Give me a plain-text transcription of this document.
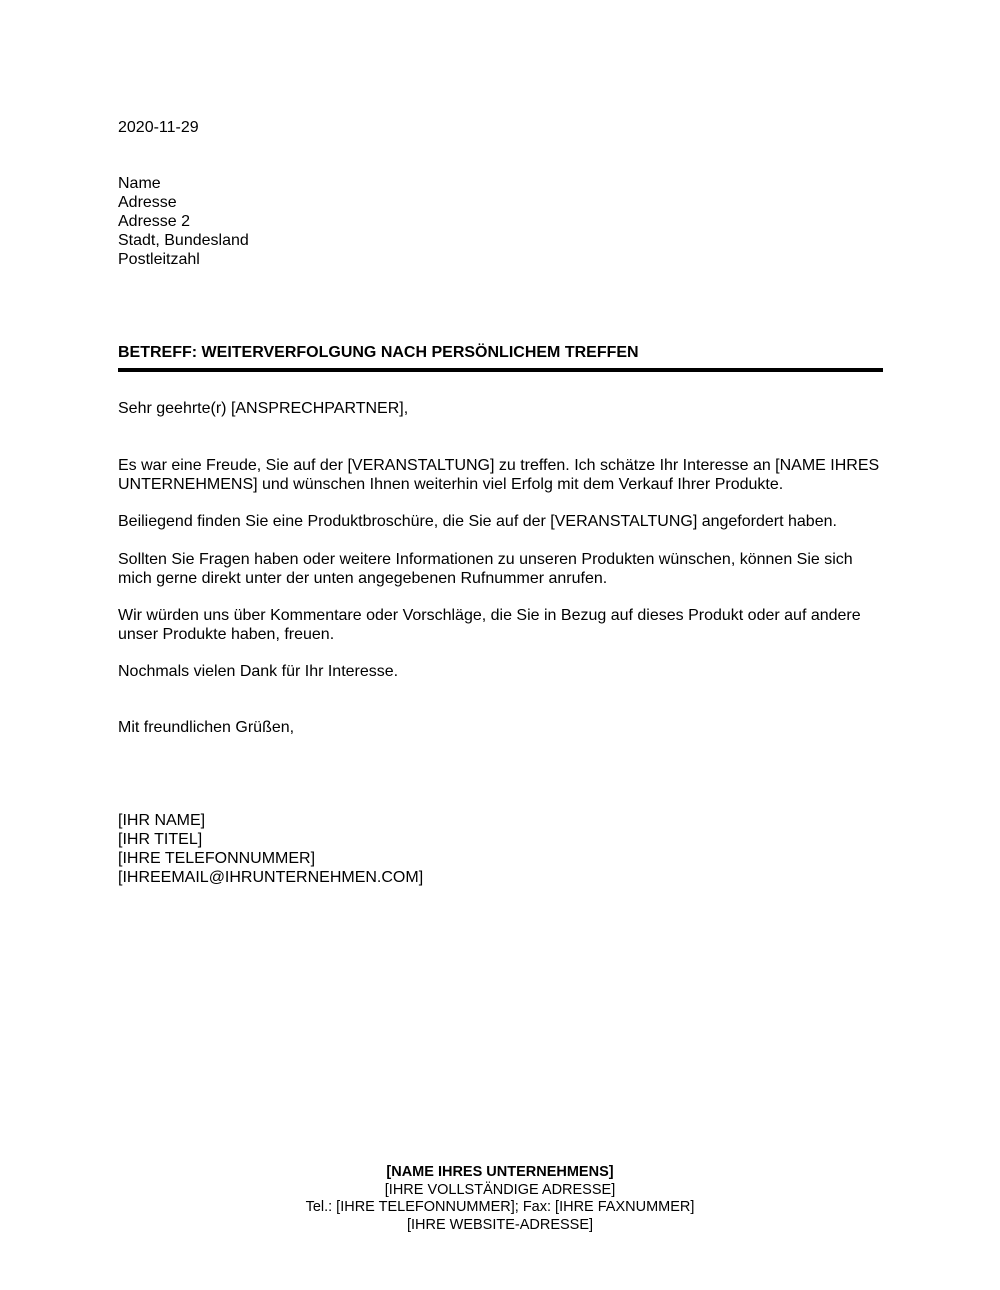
2020-11-29
Name
Adresse
Adresse 2
Stadt, Bundesland
Postleitzahl
BETREFF: WEITERVERFOLGUNG NACH PERSÖNLICHEM TREFFEN
Sehr geehrte(r) [ANSPRECHPARTNER],
Es war eine Freude, Sie auf der [VERANSTALTUNG] zu treffen. Ich schätze Ihr Interesse an [NAME IHRES UNTERNEHMENS] und wünschen Ihnen weiterhin viel Erfolg mit dem Verkauf Ihrer Produkte.
Beiliegend finden Sie eine Produktbroschüre, die Sie auf der [VERANSTALTUNG] angefordert haben.
Sollten Sie Fragen haben oder weitere Informationen zu unseren Produkten wünschen, können Sie sich mich gerne direkt unter der unten angegebenen Rufnummer anrufen.
Wir würden uns über Kommentare oder Vorschläge, die Sie in Bezug auf dieses Produkt oder auf andere unser Produkte haben, freuen.
Nochmals vielen Dank für Ihr Interesse.
Mit freundlichen Grüßen,
[IHR NAME]
[IHR TITEL]
[IHRE TELEFONNUMMER]
[IHREEMAIL@IHRUNTERNEHMEN.COM]
[NAME IHRES UNTERNEHMENS]
[IHRE VOLLSTÄNDIGE ADRESSE]
Tel.: [IHRE TELEFONNUMMER]; Fax: [IHRE FAXNUMMER]
[IHRE WEBSITE-ADRESSE]
